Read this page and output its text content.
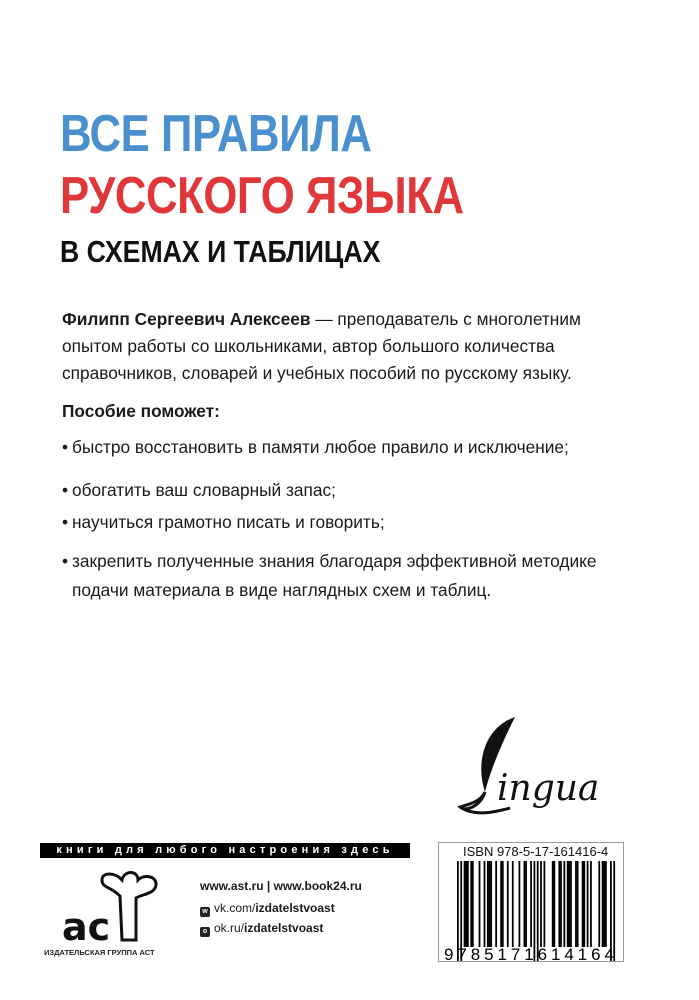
ВСЕ ПРАВИЛА
РУССКОГО ЯЗЫКА
В СХЕМАХ И ТАБЛИЦАХ
Филипп Сергеевич Алексеев — преподаватель с многолетним опытом работы со школьниками, автор большого количества справочников, словарей и учебных пособий по русскому языку.
Пособие поможет:
• быстро восстановить в памяти любое правило и исключение;
• обогатить ваш словарный запас;
• научиться грамотно писать и говорить;
• закрепить полученные знания благодаря эффективной методике подачи материала в виде наглядных схем и таблиц.
ingua
книги для любого настроения здесь
ac
ИЗДАТЕЛЬСКАЯ ГРУППА АСТ
www.ast.ru | www.book24.ru
w vk.com/izdatelstvoast
o ok.ru/izdatelstvoast
ISBN 978-5-17-161416-4
9785171614164
